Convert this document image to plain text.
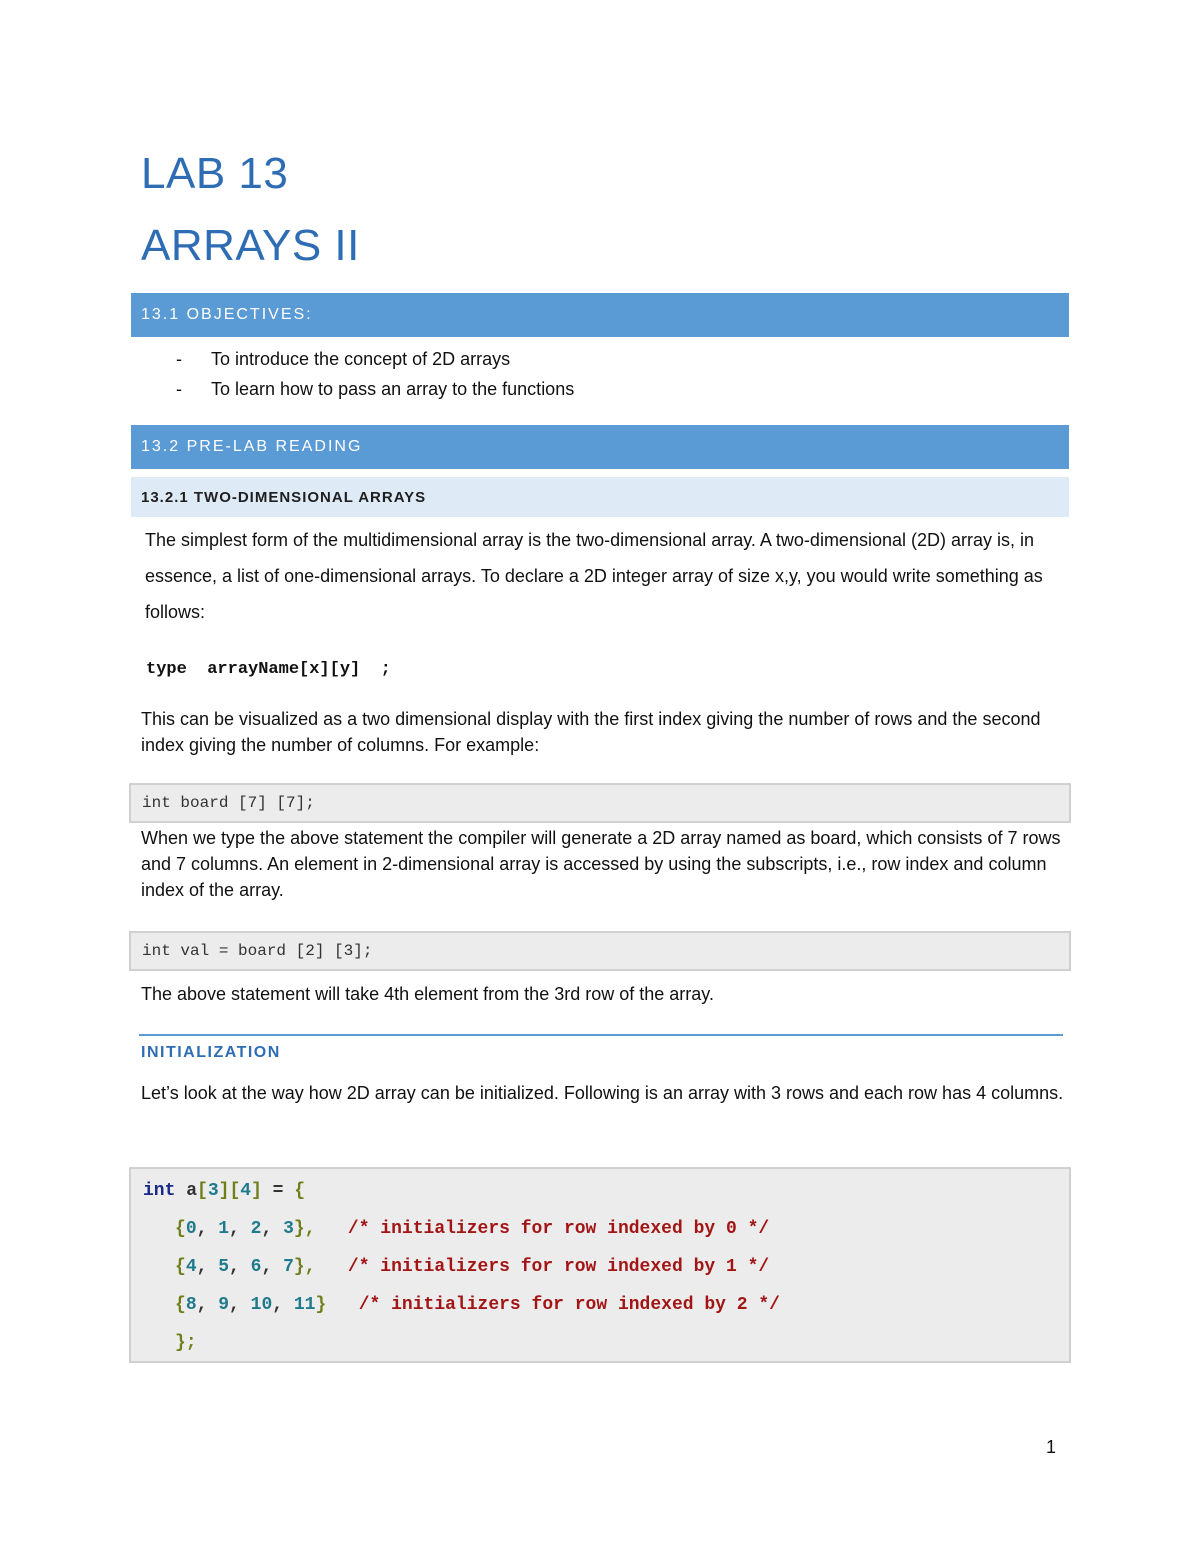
LAB 13
ARRAYS II
13.1 OBJECTIVES:
- To introduce the concept of 2D arrays
- To learn how to pass an array to the functions
13.2 PRE-LAB READING
13.2.1 TWO-DIMENSIONAL ARRAYS
The simplest form of the multidimensional array is the two-dimensional array. A two-dimensional (2D) array is, in essence, a list of one-dimensional arrays. To declare a 2D integer array of size x,y, you would write something as follows:
type  arrayName[x][y]  ;
This can be visualized as a two dimensional display with the first index giving the number of rows and the second index giving the number of columns. For example:
int board [7] [7];
When we type the above statement the compiler will generate a 2D array named as board, which consists of 7 rows and 7 columns. An element in 2-dimensional array is accessed by using the subscripts, i.e., row index and column index of the array.
int val = board [2] [3];
The above statement will take 4th element from the 3rd row of the array.
INITIALIZATION
Let’s look at the way how 2D array can be initialized. Following is an array with 3 rows and each row has 4 columns.

int a[3][4] = {

{0, 1, 2, 3}, /* initializers for row indexed by 0 */

{4, 5, 6, 7}, /* initializers for row indexed by 1 */

{8, 9, 10, 11} /* initializers for row indexed by 2 */

};

1
